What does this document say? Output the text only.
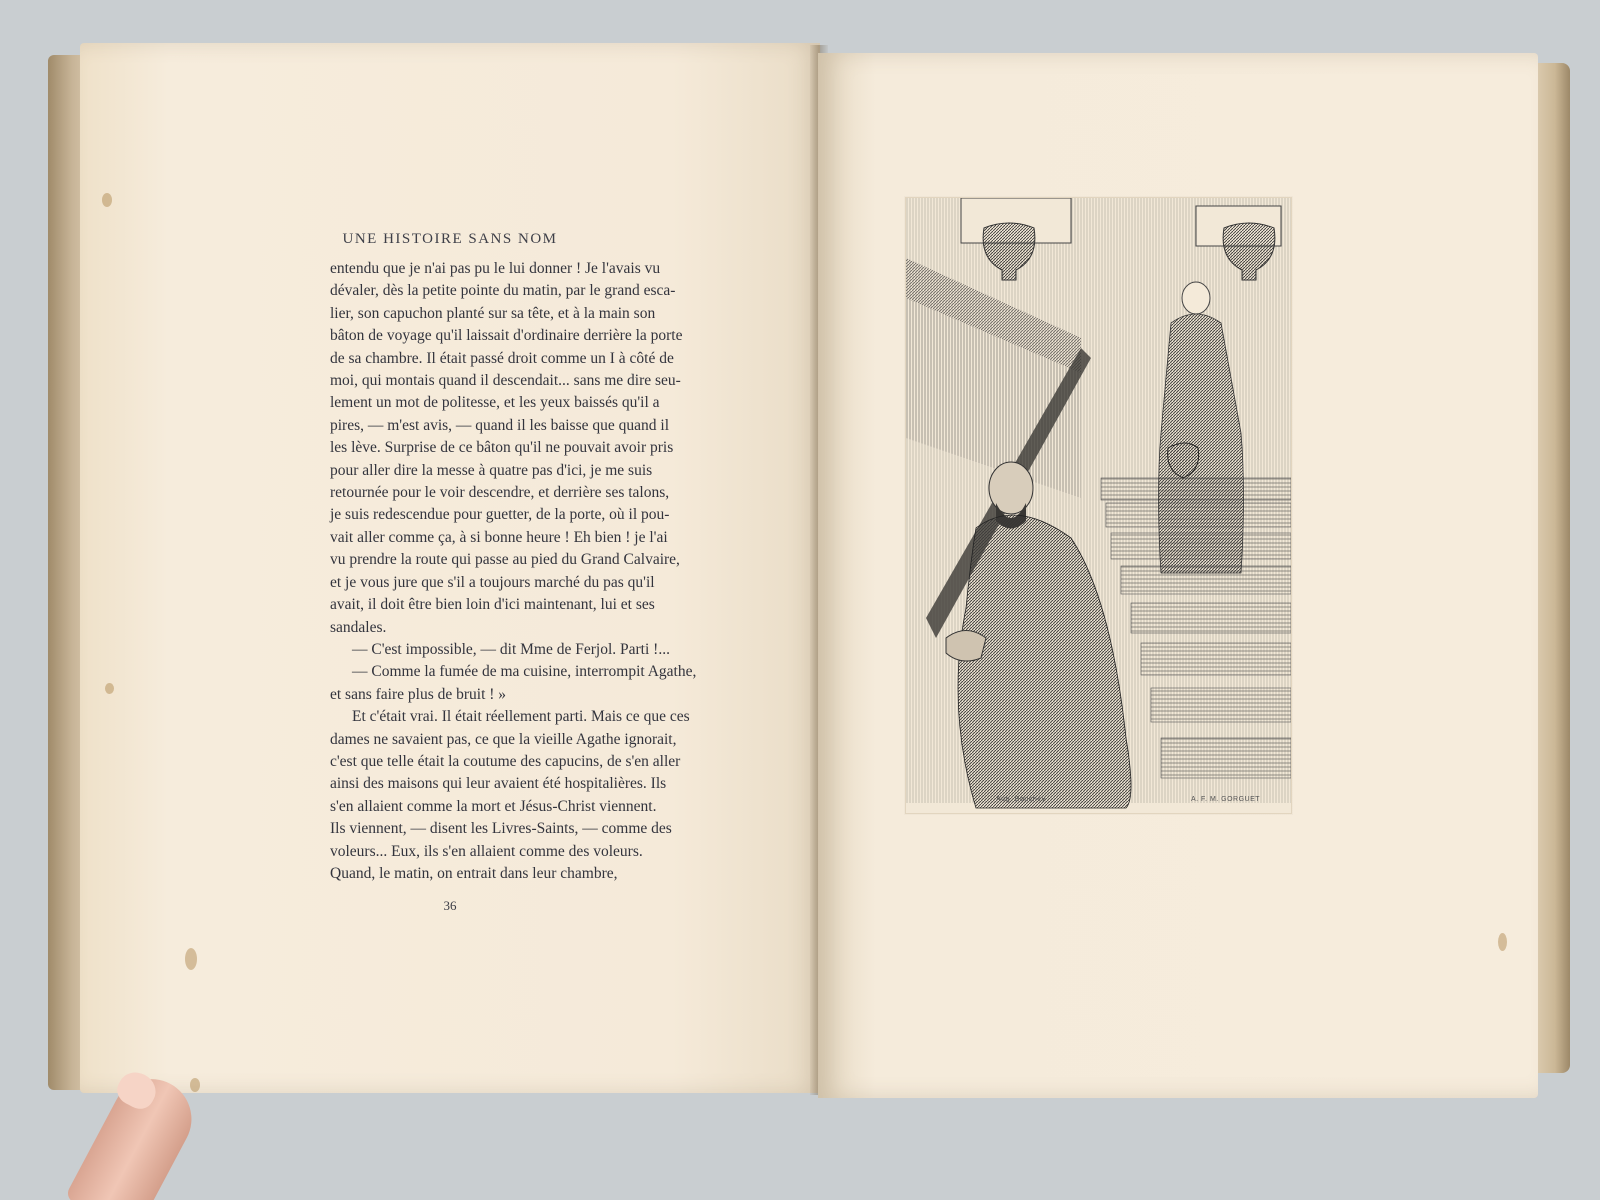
UNE HISTOIRE SANS NOM

entendu que je n'ai pas pu le lui donner ! Je l'avais vu

dévaler, dès la petite pointe du matin, par le grand esca-

lier, son capuchon planté sur sa tête, et à la main son

bâton de voyage qu'il laissait d'ordinaire derrière la porte

de sa chambre. Il était passé droit comme un I à côté de

moi, qui montais quand il descendait... sans me dire seu-

lement un mot de politesse, et les yeux baissés qu'il a

pires, — m'est avis, — quand il les baisse que quand il

les lève. Surprise de ce bâton qu'il ne pouvait avoir pris

pour aller dire la messe à quatre pas d'ici, je me suis

retournée pour le voir descendre, et derrière ses talons,

je suis redescendue pour guetter, de la porte, où il pou-

vait aller comme ça, à si bonne heure ! Eh bien ! je l'ai

vu prendre la route qui passe au pied du Grand Calvaire,

et je vous jure que s'il a toujours marché du pas qu'il

avait, il doit être bien loin d'ici maintenant, lui et ses

sandales.

— C'est impossible, — dit Mme de Ferjol. Parti !...

— Comme la fumée de ma cuisine, interrompit Agathe,

et sans faire plus de bruit ! »

Et c'était vrai. Il était réellement parti. Mais ce que ces

dames ne savaient pas, ce que la vieille Agathe ignorait,

c'est que telle était la coutume des capucins, de s'en aller

ainsi des maisons qui leur avaient été hospitalières. Ils

s'en allaient comme la mort et Jésus-Christ viennent.

Ils viennent, — disent les Livres-Saints, — comme des

voleurs... Eux, ils s'en allaient comme des voleurs.

Quand, le matin, on entrait dans leur chambre,

36
Aug. Bouchey	A. F. M. GORGUET
